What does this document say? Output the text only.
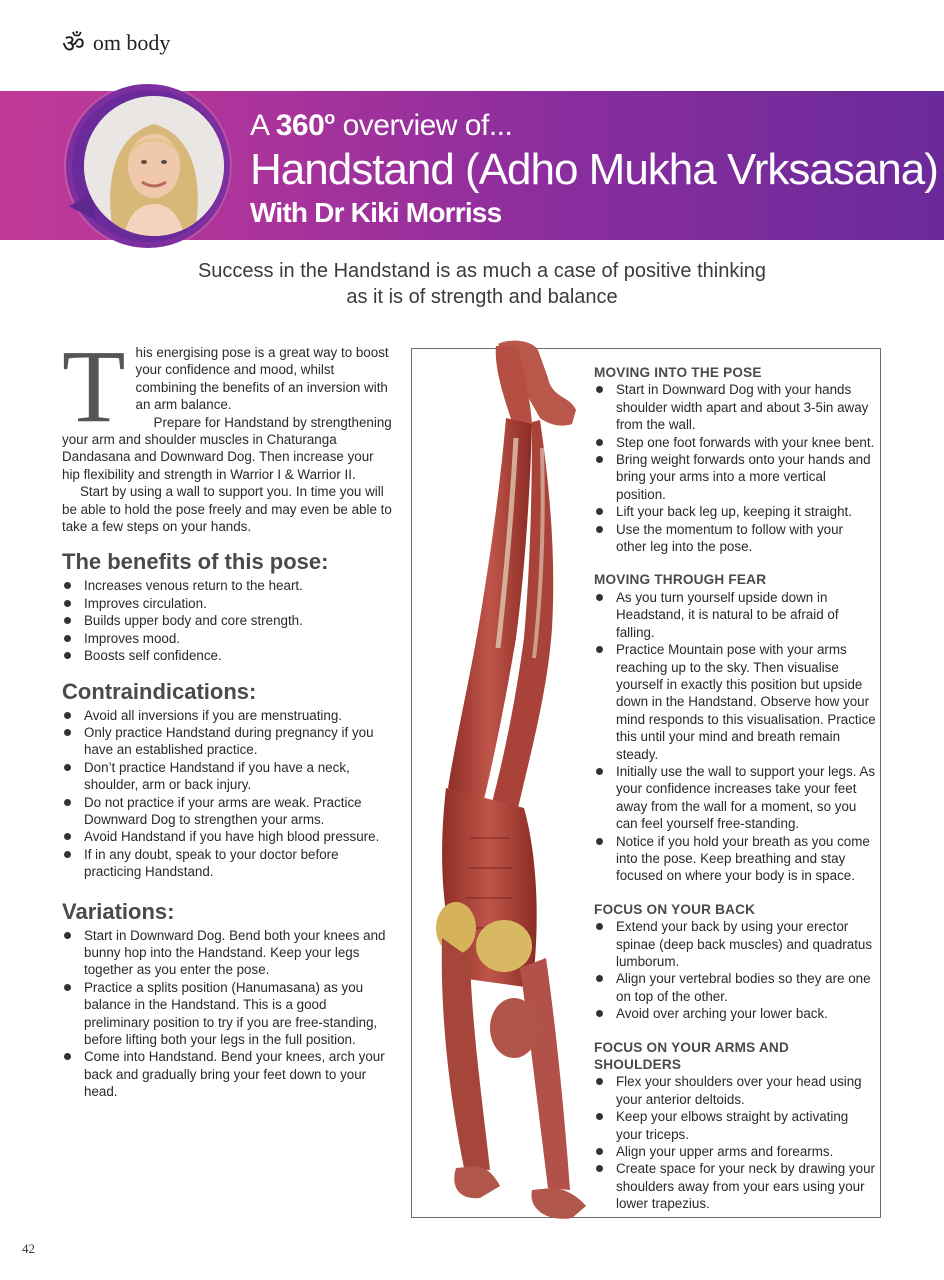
ॐ om body
A 360$^o$ overview of...
Handstand (Adho Mukha Vrksasana)
With Dr Kiki Morriss
Success in the Handstand is as much a case of positive thinking
as it is of strength and balance
T his energising pose is a great way to boost your confidence and mood, whilst combining the benefits of an inversion with an arm balance.

Prepare for Handstand by strengthening your arm and shoulder muscles in Chaturanga Dandasana and Downward Dog. Then increase your hip flexibility and strength in Warrior I & Warrior II.

Start by using a wall to support you. In time you will be able to hold the pose freely and may even be able to take a few steps on your hands.

The benefits of this pose:
Increases venous return to the heart.
Improves circulation.
Builds upper body and core strength.
Improves mood.
Boosts self confidence.
Contraindications:
Avoid all inversions if you are menstruating.
Only practice Handstand during pregnancy if you have an established practice.
Don’t practice Handstand if you have a neck, shoulder, arm or back injury.
Do not practice if your arms are weak. Practice Downward Dog to strengthen your arms.
Avoid Handstand if you have high blood pressure.
If in any doubt, speak to your doctor before practicing Handstand.
Variations:
Start in Downward Dog. Bend both your knees and bunny hop into the Handstand. Keep your legs together as you enter the pose.
Practice a splits position (Hanumasana) as you balance in the Handstand. This is a good preliminary position to try if you are free-standing, before lifting both your legs in the full position.
Come into Handstand. Bend your knees, arch your back and gradually bring your feet down to your head.
MOVING INTO THE POSE
Start in Downward Dog with your hands shoulder width apart and about 3-5in away from the wall.
Step one foot forwards with your knee bent.
Bring weight forwards onto your hands and bring your arms into a more vertical position.
Lift your back leg up, keeping it straight.
Use the momentum to follow with your other leg into the pose.
MOVING THROUGH FEAR
As you turn yourself upside down in Headstand, it is natural to be afraid of falling.
Practice Mountain pose with your arms reaching up to the sky. Then visualise yourself in exactly this position but upside down in the Handstand. Observe how your mind responds to this visualisation. Practice this until your mind and breath remain steady.
Initially use the wall to support your legs. As your confidence increases take your feet away from the wall for a moment, so you can feel yourself free-standing.
Notice if you hold your breath as you come into the pose. Keep breathing and stay focused on where your body is in space.
FOCUS ON YOUR BACK
Extend your back by using your erector spinae (deep back muscles) and quadratus lumborum.
Align your vertebral bodies so they are one on top of the other.
Avoid over arching your lower back.
FOCUS ON YOUR ARMS AND SHOULDERS
Flex your shoulders over your head using your anterior deltoids.
Keep your elbows straight by activating your triceps.
Align your upper arms and forearms.
Create space for your neck by drawing your shoulders away from your ears using your lower trapezius.
42
